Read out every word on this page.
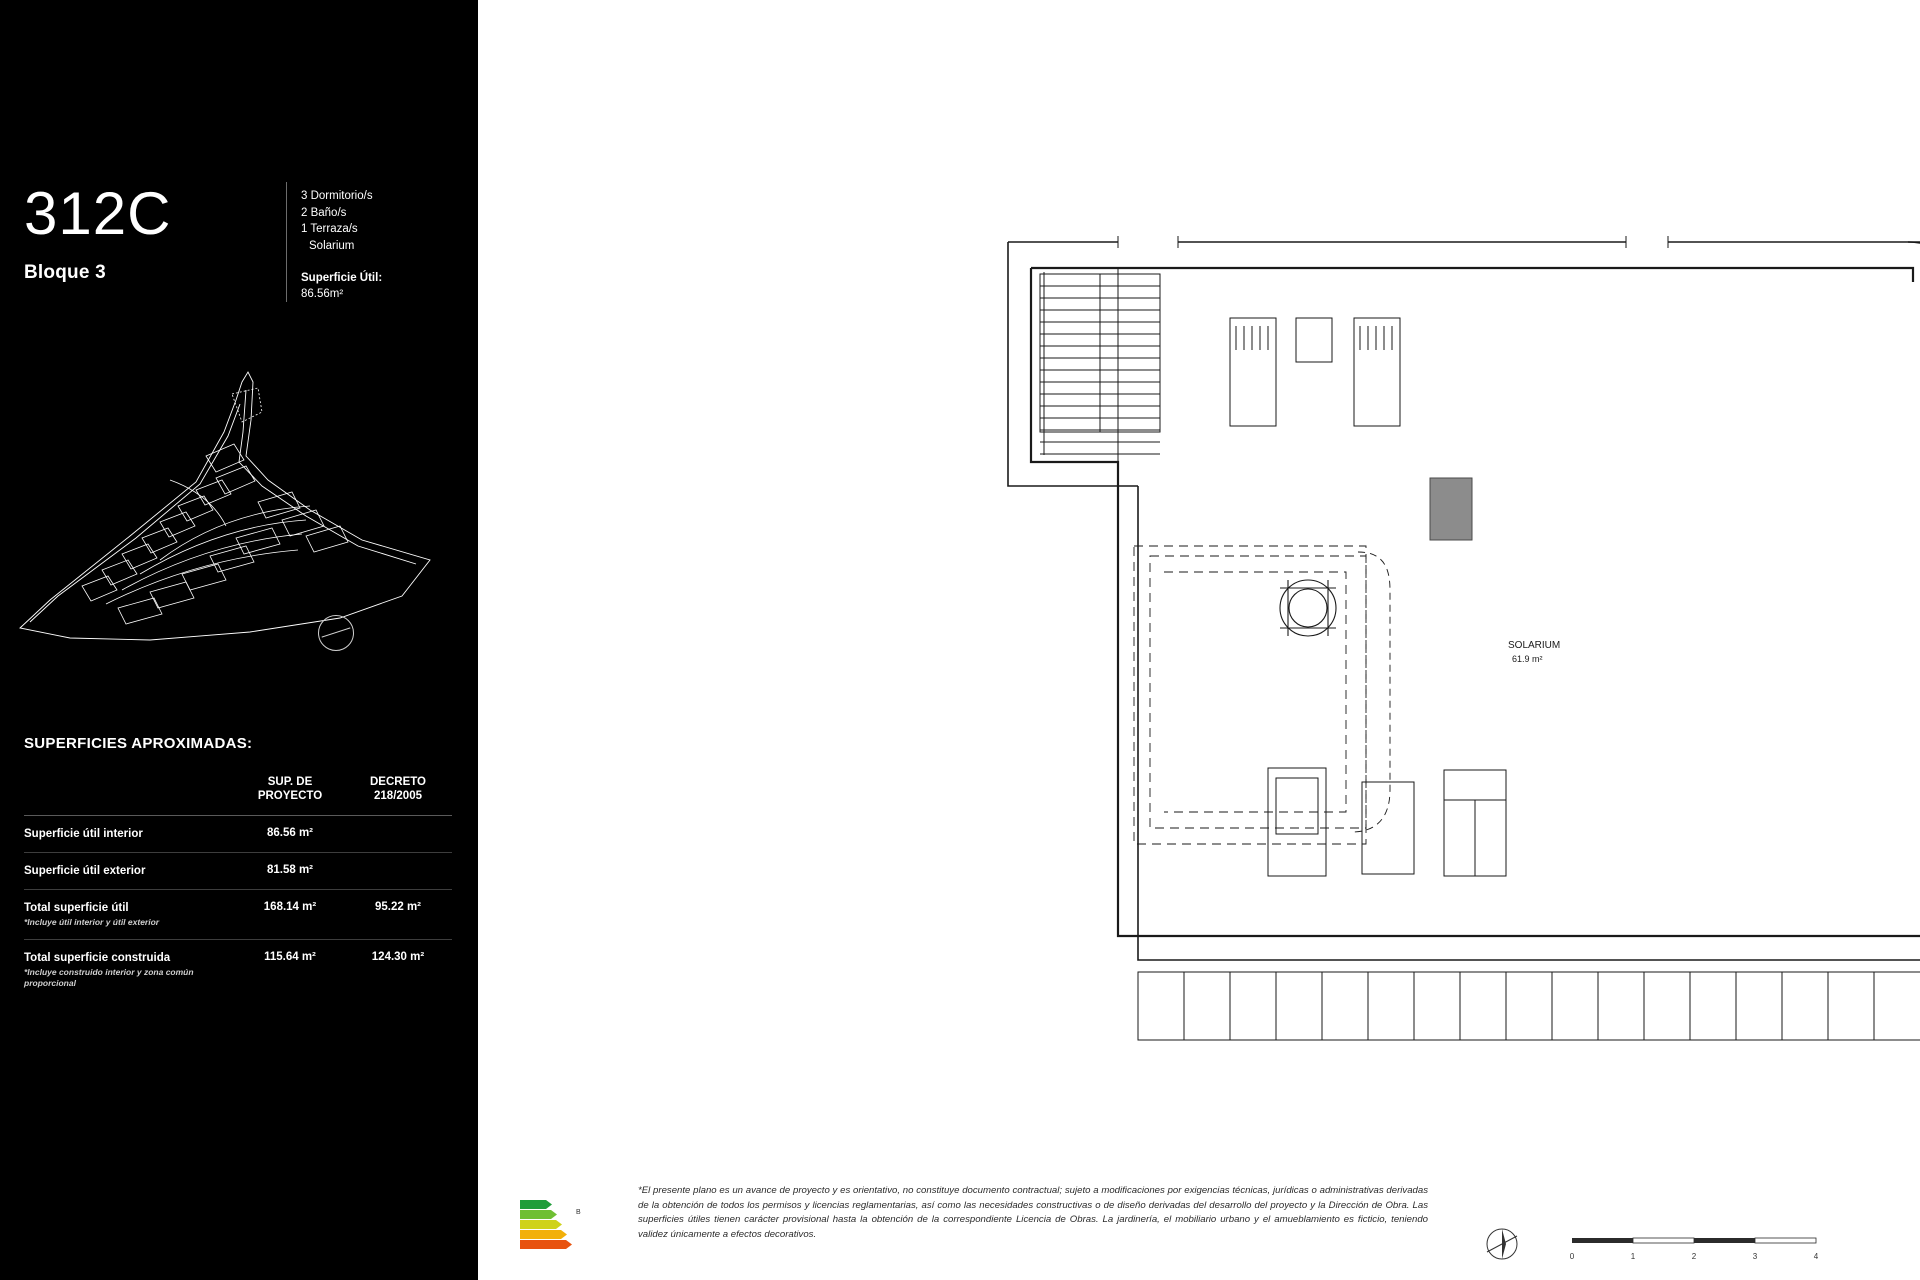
312C
Bloque 3
3 Dormitorio/s
2 Baño/s
1 Terraza/s
Solarium
Superficie Útil:
86.56m²
SUPERFICIES APROXIMADAS:

SUP. DE
PROYECTO

DECRETO
218/2005

Superficie útil interior	86.56 m²	
Superficie útil exterior	81.58 m²	
Total superficie útil
*Incluye útil interior y útil exterior	168.14 m²	95.22 m²
Total superficie construida
*Incluye construido interior y zona común proporcional	115.64 m²	124.30 m²
SOLARIUM
61.9 m²
B
*El presente plano es un avance de proyecto y es orientativo, no constituye documento contractual; sujeto a modificaciones por exigencias técnicas, jurídicas o administrativas derivadas de la obtención de todos los permisos y licencias reglamentarias, así como las necesidades constructivas o de diseño derivadas del desarrollo del proyecto y la Dirección de Obra. Las superficies útiles tienen carácter provisional hasta la obtención de la correspondiente Licencia de Obras. La jardinería, el mobiliario urbano y el amueblamiento es ficticio, teniendo validez únicamente a efectos decorativos.
0	1	2	3	4
